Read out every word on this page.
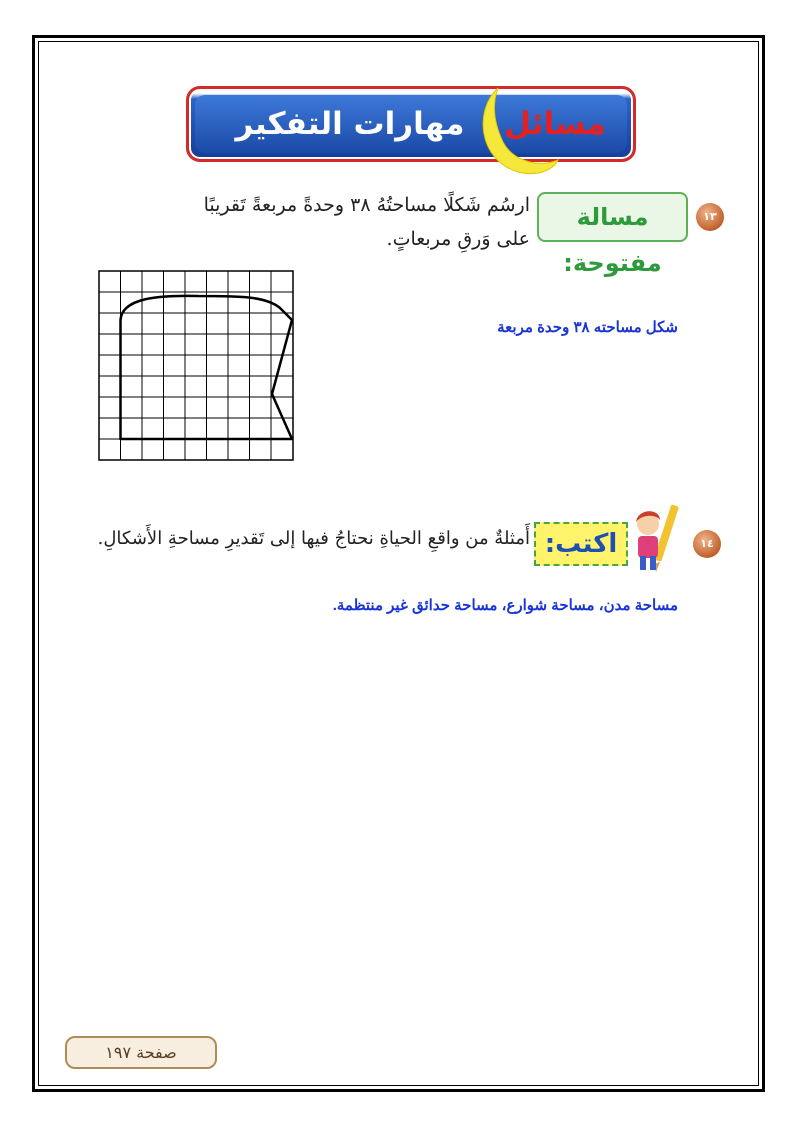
مسائل
مهارات التفكير العليا:
١٣
مسالة مفتوحة:
ارسُم شَكلًا مساحتُهُ ٣٨ وحدةً مربعةً تَقريبًا
على وَرقِ مربعاتٍ.
شكل مساحته ٣٨ وحدة مربعة
١٤
اكتب:
أَمثلةٌ من واقعِ الحياةِ نحتاجُ فيها إلى تَقديرِ مساحةِ الأَشكالِ.
مساحة مدن، مساحة شوارع، مساحة حدائق غير منتظمة.
صفحة ١٩٧
